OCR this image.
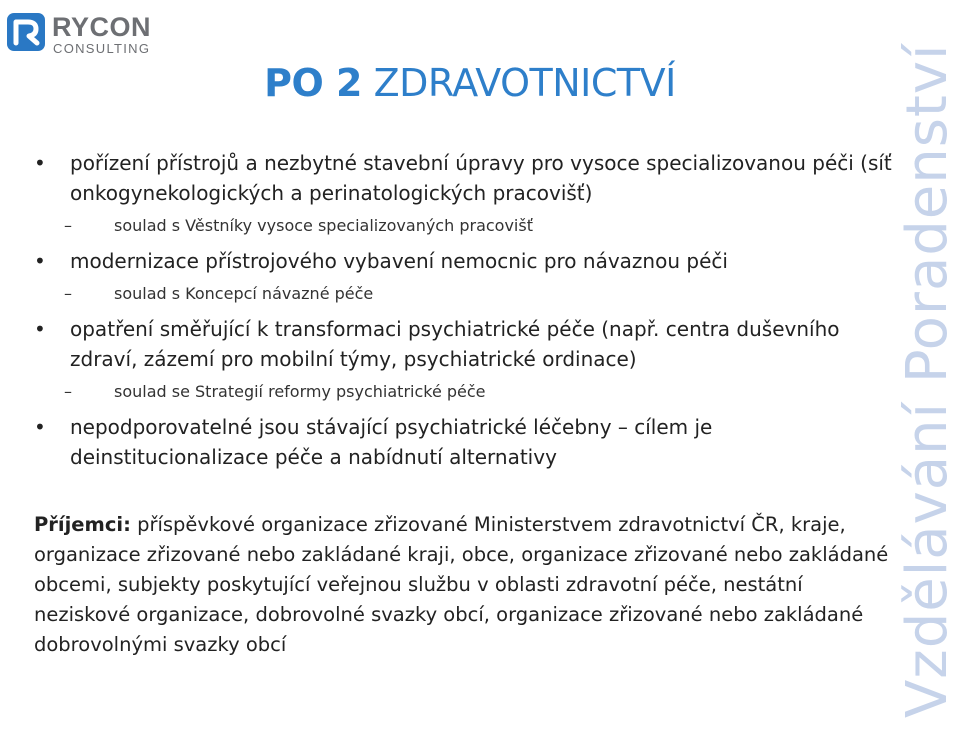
RYCON
CONSULTING
PO 2 ZDRAVOTNICTVÍ	Vzdělávání Poradenství
• pořízení přístrojů a nezbytné stavební úpravy pro vysoce specializovanou péči (síť onkogynekologických a perinatologických pracovišť)
–	soulad s Věstníky vysoce specializovaných pracovišť
• modernizace přístrojového vybavení nemocnic pro návaznou péči
–	soulad s Koncepcí návazné péče
• opatření směřující k transformaci psychiatrické péče (např. centra duševního zdraví, zázemí pro mobilní týmy, psychiatrické ordinace)
–	soulad se Strategií reformy psychiatrické péče
• nepodporovatelné jsou stávající psychiatrické léčebny – cílem je deinstitucionalizace péče a nabídnutí alternativy
Příjemci: příspěvkové organizace zřizované Ministerstvem zdravotnictví ČR, kraje, organizace zřizované nebo zakládané kraji, obce, organizace zřizované nebo zakládané obcemi, subjekty poskytující veřejnou službu v oblasti zdravotní péče, nestátní neziskové organizace, dobrovolné svazky obcí, organizace zřizované nebo zakládané dobrovolnými svazky obcí
